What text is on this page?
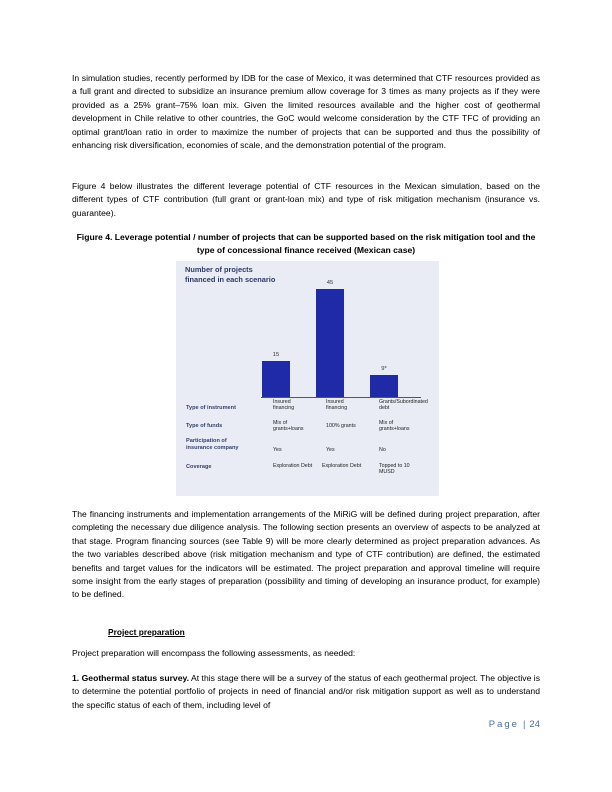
In simulation studies, recently performed by IDB for the case of Mexico, it was determined that CTF resources provided as a full grant and directed to subsidize an insurance premium allow coverage for 3 times as many projects as if they were provided as a 25% grant–75% loan mix. Given the limited resources available and the higher cost of geothermal development in Chile relative to other countries, the GoC would welcome consideration by the CTF TFC of providing an optimal grant/loan ratio in order to maximize the number of projects that can be supported and thus the possibility of enhancing risk diversification, economies of scale, and the demonstration potential of the program.

Figure 4 below illustrates the different leverage potential of CTF resources in the Mexican simulation, based on the different types of CTF contribution (full grant or grant-loan mix) and type of risk mitigation mechanism (insurance vs. guarantee).

Figure 4. Leverage potential / number of projects that can be supported based on the risk mitigation tool and the type of concessional finance received (Mexican case)
Number of projects
financed in each scenario
15
45
9*
Type of instrument
Type of funds
Participation of
insurance company
Coverage
Insured
financing
Mix of
grants+loans
Yes
Exploration Debt
Insured
financing
100% grants
Yes
Exploration Debt
Grants/Subordinated
debt
Mix of
grants+loans
No
Topped to 10
MUSD

The financing instruments and implementation arrangements of the MiRiG will be defined during project preparation, after completing the necessary due diligence analysis. The following section presents an overview of aspects to be analyzed at that stage. Program financing sources (see Table 9) will be more clearly determined as project preparation advances. As the two variables described above (risk mitigation mechanism and type of CTF contribution) are defined, the estimated benefits and target values for the indicators will be estimated. The project preparation and approval timeline will require some insight from the early stages of preparation (possibility and timing of developing an insurance product, for example) to be defined.

Project preparation

Project preparation will encompass the following assessments, as needed:

1. Geothermal status survey. At this stage there will be a survey of the status of each geothermal project. The objective is to determine the potential portfolio of projects in need of financial and/or risk mitigation support as well as to understand the specific status of each of them, including level of

Page | 24
